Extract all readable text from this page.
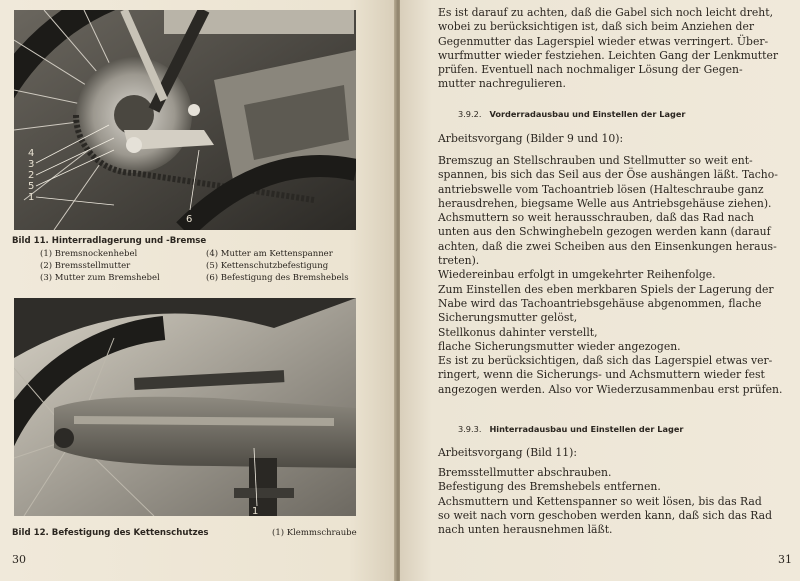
1
2
3
4
5
6
Bild 11. Hinterradlagerung und -Bremse
(1) Bremsnockenhebel
(2) Bremsstellmutter
(3) Mutter zum Bremshebel
(4) Mutter am Kettenspanner
(5) Kettenschutzbefestigung
(6) Befestigung des Bremshebels
1
Bild 12. Befestigung des Kettenschutzes	(1) Klemmschraube
30

Es ist darauf zu achten, daß die Gabel sich noch leicht dreht,

wobei zu berücksichtigen ist, daß sich beim Anziehen der

Gegenmutter das Lagerspiel wieder etwas verringert. Über-

wurfmutter wieder festziehen. Leichten Gang der Lenkmutter

prüfen. Eventuell nach nochmaliger Lösung der Gegen-

mutter nachregulieren.

3.9.2. Vorderradausbau und Einstellen der Lager
Arbeitsvorgang (Bilder 9 und 10):

Bremszug an Stellschrauben und Stellmutter so weit ent-

spannen, bis sich das Seil aus der Öse aushängen läßt. Tacho-

antriebswelle vom Tachoantrieb lösen (Halteschraube ganz

herausdrehen, biegsame Welle aus Antriebsgehäuse ziehen).

Achsmuttern so weit herausschrauben, daß das Rad nach

unten aus den Schwinghebeln gezogen werden kann (darauf

achten, daß die zwei Scheiben aus den Einsenkungen heraus-

treten).

Wiedereinbau erfolgt in umgekehrter Reihenfolge.

Zum Einstellen des eben merkbaren Spiels der Lagerung der

Nabe wird das Tachoantriebsgehäuse abgenommen, flache

Sicherungsmutter gelöst,

Stellkonus dahinter verstellt,

flache Sicherungsmutter wieder angezogen.

Es ist zu berücksichtigen, daß sich das Lagerspiel etwas ver-

ringert, wenn die Sicherungs- und Achsmuttern wieder fest

angezogen werden. Also vor Wiederzusammenbau erst prüfen.

3.9.3. Hinterradausbau und Einstellen der Lager
Arbeitsvorgang (Bild 11):

Bremsstellmutter abschrauben.

Befestigung des Bremshebels entfernen.

Achsmuttern und Kettenspanner so weit lösen, bis das Rad

so weit nach vorn geschoben werden kann, daß sich das Rad

nach unten herausnehmen läßt.

31
